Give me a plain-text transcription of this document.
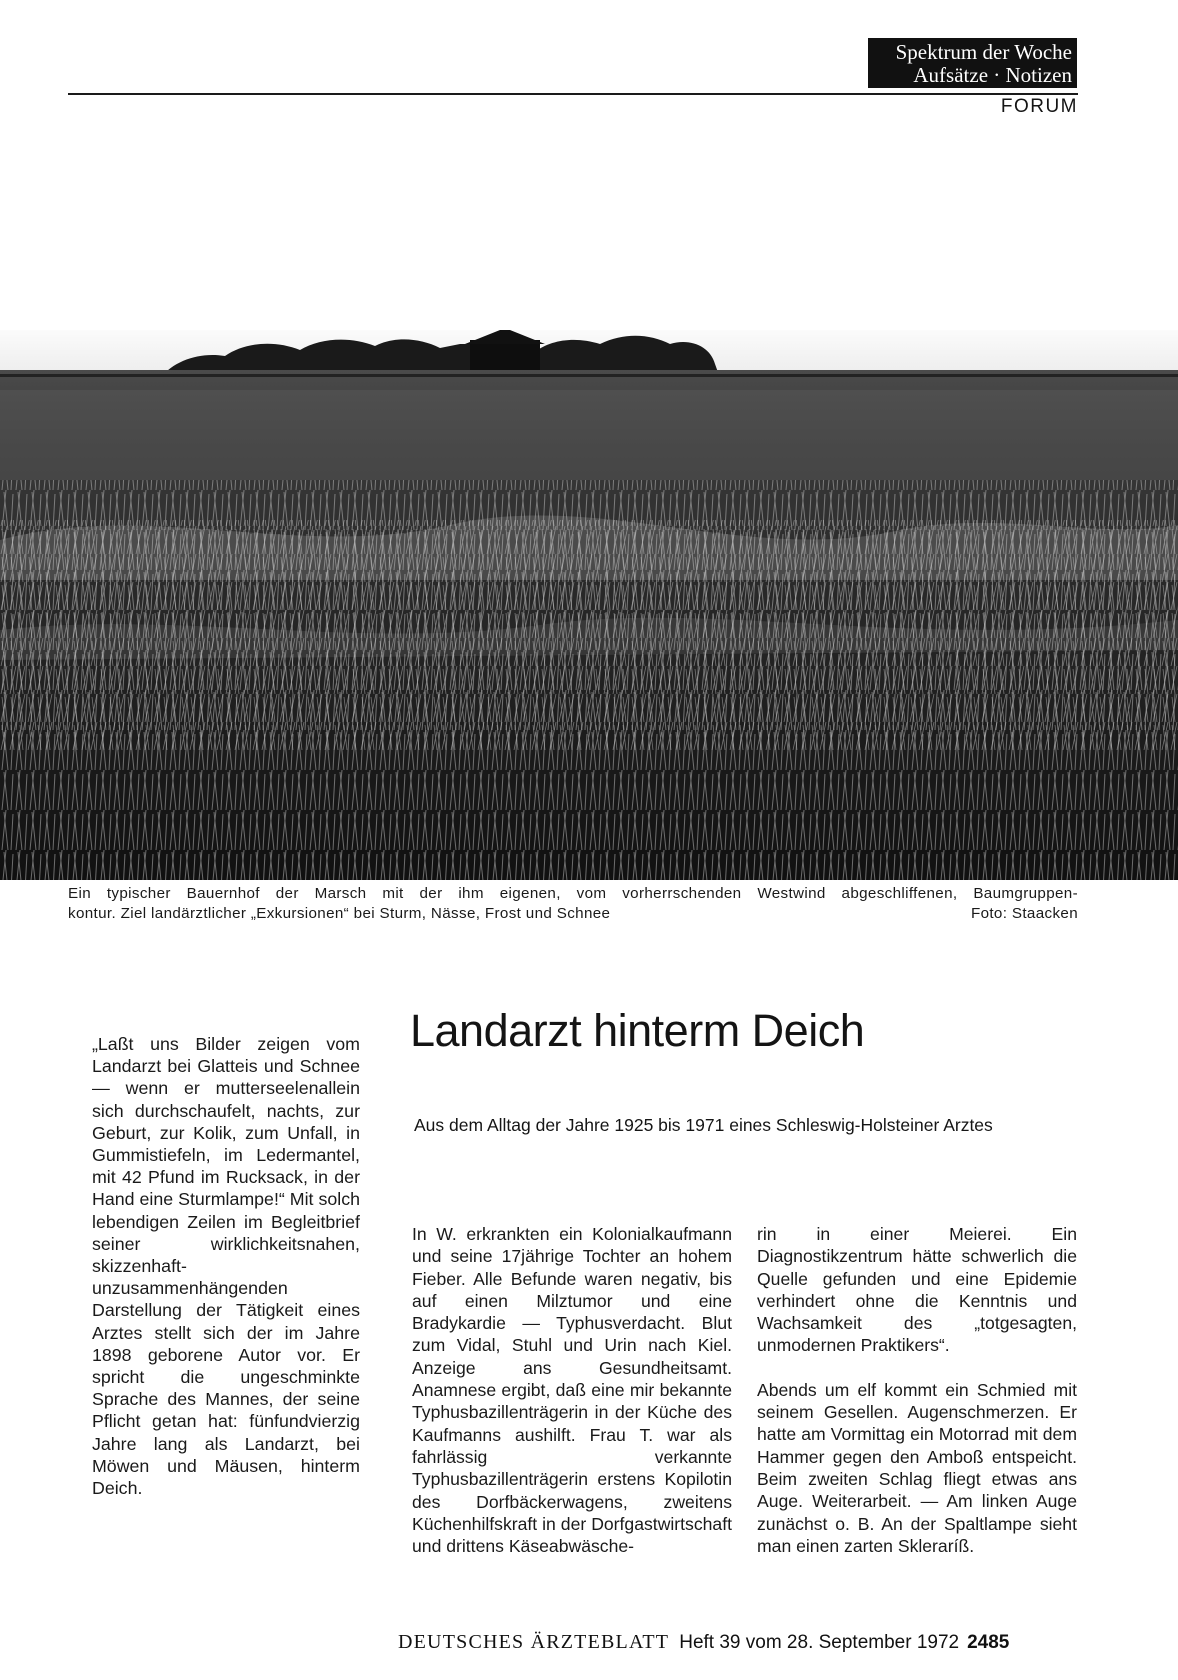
Spektrum der Woche
Aufsätze · Notizen
FORUM
Ein typischer Bauernhof der Marsch mit der ihm eigenen, vom vorherrschenden Westwind abgeschliffenen, Baumgruppen-
kontur. Ziel landärztlicher „Exkursionen“ bei Sturm, Nässe, Frost und Schnee	Foto: Staacken
Landarzt hinterm Deich
Aus dem Alltag der Jahre 1925 bis 1971 eines Schleswig-Holsteiner Arztes
„Laßt uns Bilder zeigen vom Landarzt bei Glatteis und Schnee — wenn er mutterseelenallein sich durchschaufelt, nachts, zur Geburt, zur Kolik, zum Unfall, in Gummistiefeln, im Ledermantel, mit 42 Pfund im Rucksack, in der Hand eine Sturmlampe!“ Mit solch lebendigen Zeilen im Begleitbrief seiner wirklichkeitsnahen, skizzenhaft-unzusammenhängenden Darstellung der Tätigkeit eines Arztes stellt sich der im Jahre 1898 geborene Autor vor. Er spricht die ungeschminkte Sprache des Mannes, der seine Pflicht getan hat: fünfundvierzig Jahre lang als Landarzt, bei Möwen und Mäusen, hinterm Deich.

In W. erkrankten ein Kolonialkaufmann und seine 17jährige Tochter an hohem Fieber. Alle Befunde waren negativ, bis auf einen Milztumor und eine Bradykardie — Typhusverdacht. Blut zum Vidal, Stuhl und Urin nach Kiel. Anzeige ans Gesundheitsamt. Anamnese ergibt, daß eine mir bekannte Typhusbazillenträgerin in der Küche des Kaufmanns aushilft. Frau T. war als fahrlässig verkannte Typhusbazillenträgerin erstens Kopilotin des Dorfbäckerwagens, zweitens Küchenhilfskraft in der Dorfgastwirtschaft und drittens Käseabwäsche-

rin in einer Meierei. Ein Diagnostikzentrum hätte schwerlich die Quelle gefunden und eine Epidemie verhindert ohne die Kenntnis und Wachsamkeit des „totgesagten, unmodernen Praktikers“.

Abends um elf kommt ein Schmied mit seinem Gesellen. Augenschmerzen. Er hatte am Vormittag ein Motorrad mit dem Hammer gegen den Amboß entspeicht. Beim zweiten Schlag fliegt etwas ans Auge. Weiterarbeit. — Am linken Auge zunächst o. B. An der Spaltlampe sieht man einen zarten Skleraríß.

DEUTSCHES ÄRZTEBLATT Heft 39 vom 28. September 1972 2485
